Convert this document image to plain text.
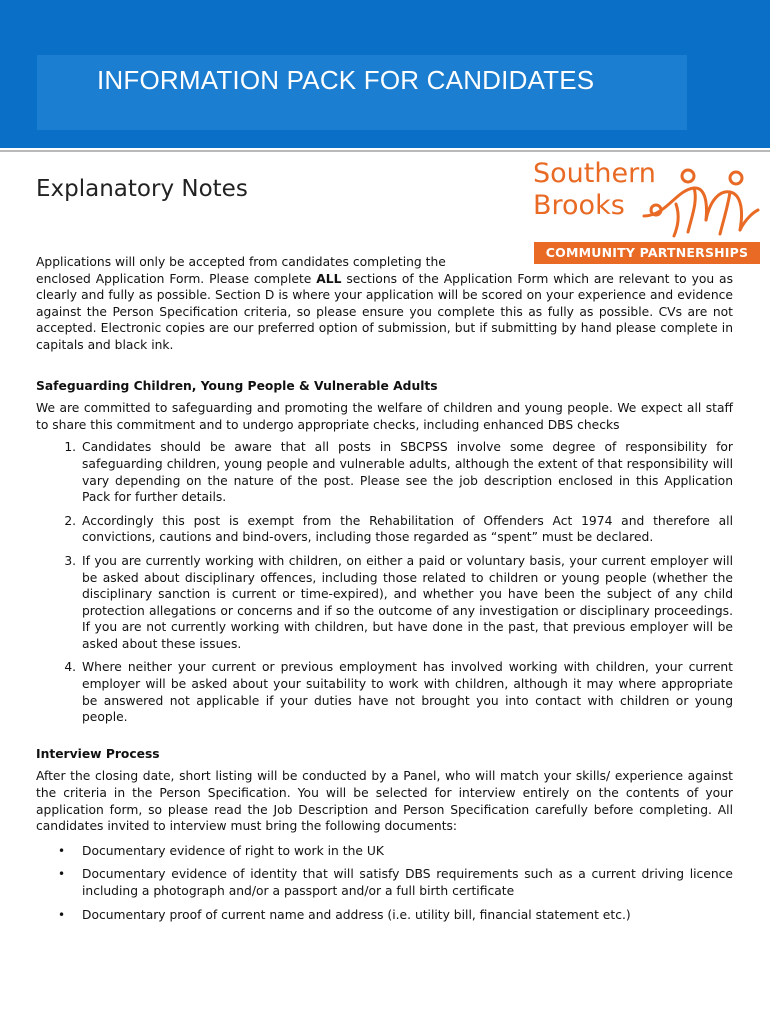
INFORMATION PACK FOR CANDIDATES
Explanatory Notes	Southern
Brooks
COMMUNITY PARTNERSHIPS

Applications will only be accepted from candidates completing the

enclosed Application Form. Please complete ALL sections of the Application Form which are relevant to you as clearly and fully as possible. Section D is where your application will be scored on your experience and evidence against the Person Specification criteria, so please ensure you complete this as fully as possible. CVs are not accepted. Electronic copies are our preferred option of submission, but if submitting by hand please complete in capitals and black ink.

Safeguarding Children, Young People & Vulnerable Adults

We are committed to safeguarding and promoting the welfare of children and young people. We expect all staff to share this commitment and to undergo appropriate checks, including enhanced DBS checks

1. Candidates should be aware that all posts in SBCPSS involve some degree of responsibility for safeguarding children, young people and vulnerable adults, although the extent of that responsibility will vary depending on the nature of the post. Please see the job description enclosed in this Application Pack for further details.
2. Accordingly this post is exempt from the Rehabilitation of Offenders Act 1974 and therefore all convictions, cautions and bind-overs, including those regarded as “spent” must be declared.
3. If you are currently working with children, on either a paid or voluntary basis, your current employer will be asked about disciplinary offences, including those related to children or young people (whether the disciplinary sanction is current or time-expired), and whether you have been the subject of any child protection allegations or concerns and if so the outcome of any investigation or disciplinary proceedings. If you are not currently working with children, but have done in the past, that previous employer will be asked about these issues.
4. Where neither your current or previous employment has involved working with children, your current employer will be asked about your suitability to work with children, although it may where appropriate be answered not applicable if your duties have not brought you into contact with children or young people.

Interview Process

After the closing date, short listing will be conducted by a Panel, who will match your skills/ experience against the criteria in the Person Specification. You will be selected for interview entirely on the contents of your application form, so please read the Job Description and Person Specification carefully before completing. All candidates invited to interview must bring the following documents:

• Documentary evidence of right to work in the UK
• Documentary evidence of identity that will satisfy DBS requirements such as a current driving licence including a photograph and/or a passport and/or a full birth certificate
• Documentary proof of current name and address (i.e. utility bill, financial statement etc.)
